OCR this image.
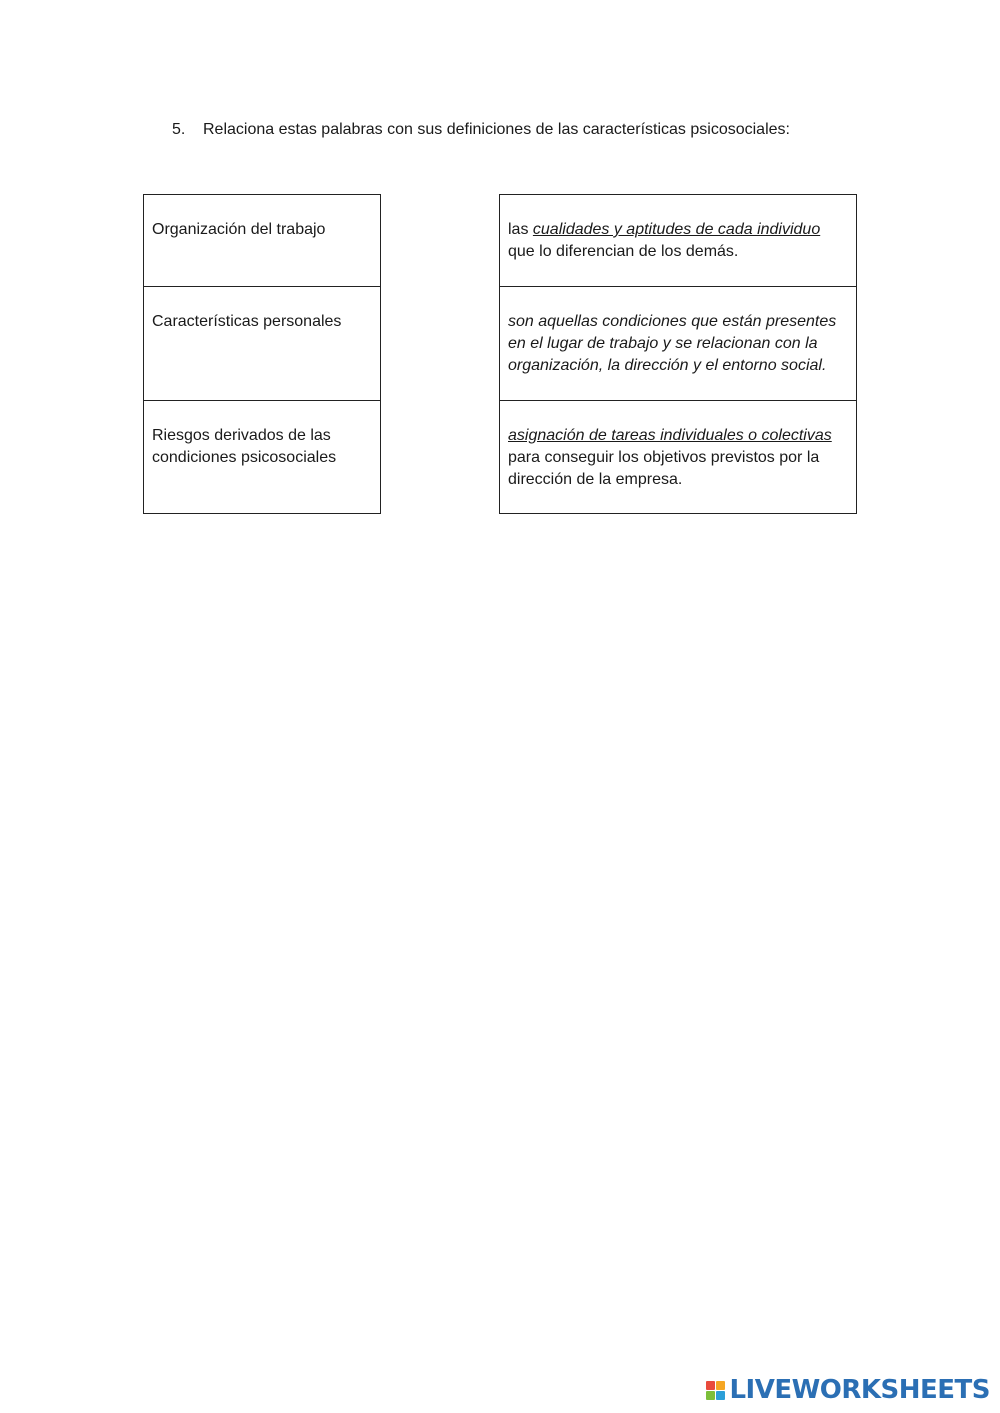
5. Relaciona estas palabras con sus definiciones de las características psicosociales:
Organización del trabajo
Características personales
Riesgos derivados de las condiciones psicosociales
las cualidades y aptitudes de cada individuo
que lo diferencian de los demás.
son aquellas condiciones que están presentes en el lugar de trabajo y se relacionan con la organización, la dirección y el entorno social.
asignación de tareas individuales o colectivas para conseguir los objetivos previstos por la dirección de la empresa.
LIVEWORKSHEETS
